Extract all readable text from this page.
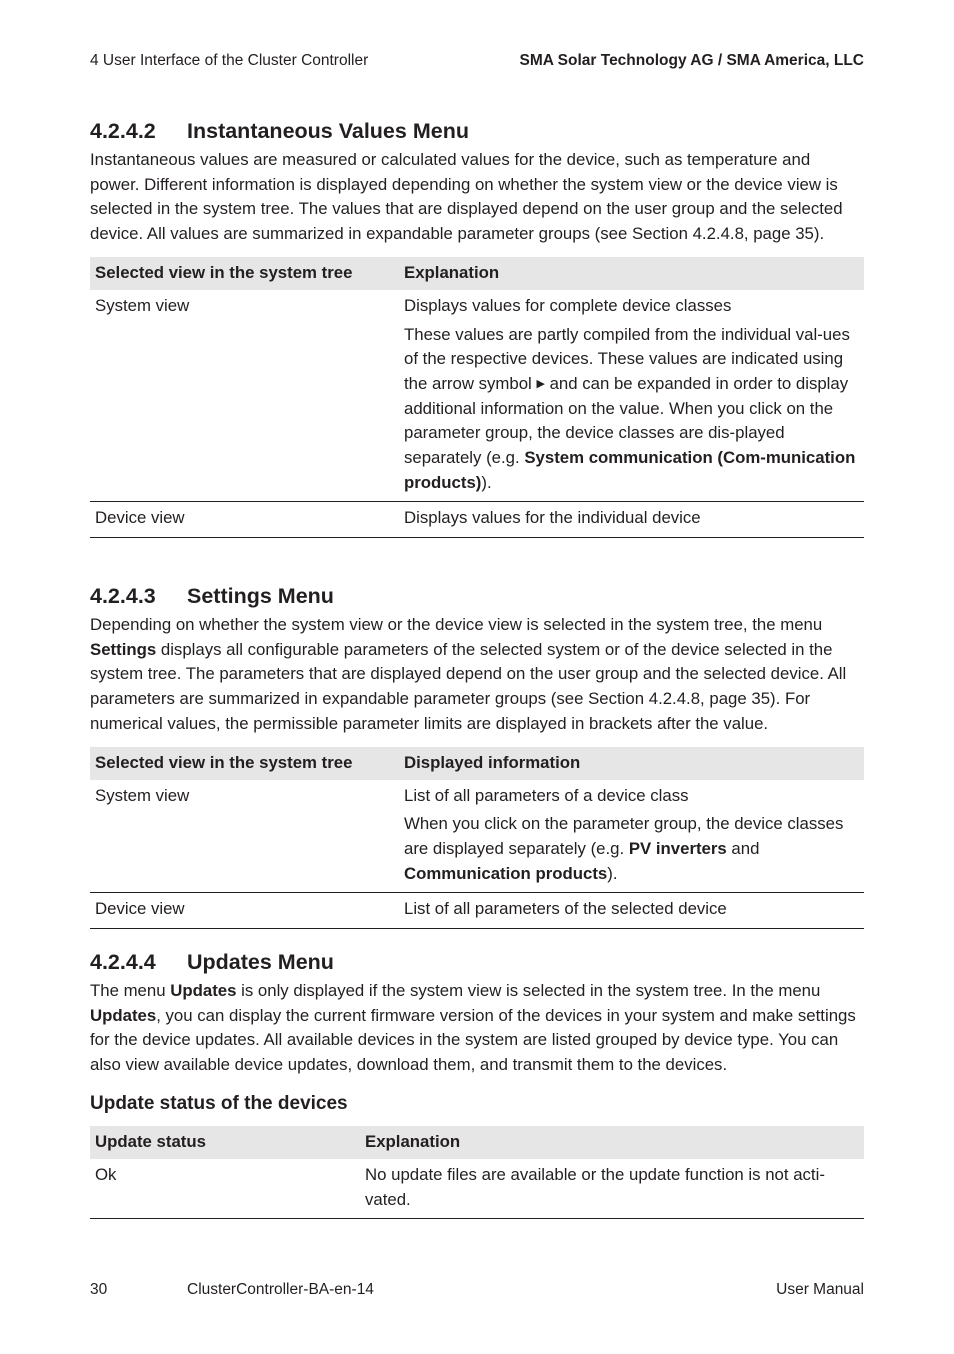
4 User Interface of the Cluster Controller	SMA Solar Technology AG / SMA America, LLC
4.2.4.2	Instantaneous Values Menu

Instantaneous values are measured or calculated values for the device, such as temperature and power. Different information is displayed depending on whether the system view or the device view is selected in the system tree. The values that are displayed depend on the user group and the selected device. All values are summarized in expandable parameter groups (see Section 4.2.4.8, page 35).

Selected view in the system tree	Explanation
System view	Displays values for complete device classes

These values are partly compiled from the individual val-ues of the respective devices. These values are indicated using the arrow symbol ▶ and can be expanded in order to display additional information on the value. When you click on the parameter group, the device classes are dis-played separately (e.g. System communication (Com-munication products)).

Device view	Displays values for the individual device
4.2.4.3	Settings Menu

Depending on whether the system view or the device view is selected in the system tree, the menu Settings displays all configurable parameters of the selected system or of the device selected in the system tree. The parameters that are displayed depend on the user group and the selected device. All parameters are summarized in expandable parameter groups (see Section 4.2.4.8, page 35). For numerical values, the permissible parameter limits are displayed in brackets after the value.

Selected view in the system tree	Displayed information
System view	List of all parameters of a device class

When you click on the parameter group, the device classes are displayed separately (e.g. PV inverters and Communication products).

Device view	List of all parameters of the selected device
4.2.4.4	Updates Menu

The menu Updates is only displayed if the system view is selected in the system tree. In the menu Updates, you can display the current firmware version of the devices in your system and make settings for the device updates. All available devices in the system are listed grouped by device type. You can also view available device updates, download them, and transmit them to the devices.

Update status of the devices
Update status	Explanation
Ok	No update files are available or the update function is not acti-vated.
30	ClusterController-BA-en-14	User Manual
